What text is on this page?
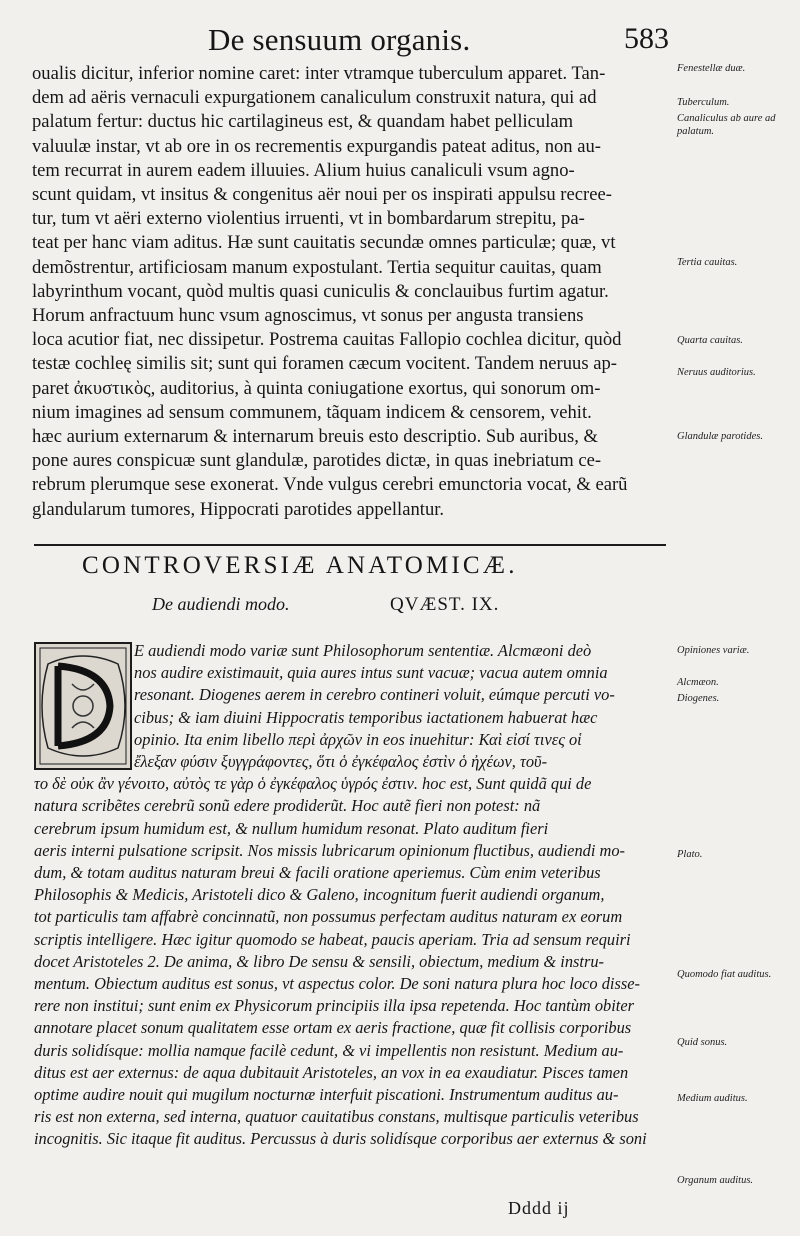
De sensuum organis.	583
oualis dicitur, inferior nomine caret: inter vtramque tuberculum apparet. Tan-
dem ad aëris vernaculi expurgationem canaliculum construxit natura, qui ad
palatum fertur: ductus hic cartilagineus est, & quandam habet pelliculam
valuulæ instar, vt ab ore in os recrementis expurgandis pateat aditus, non au-
tem recurrat in aurem eadem illuuies. Alium huius canaliculi vsum agno-
scunt quidam, vt insitus & congenitus aër noui per os inspirati appulsu recree-
tur, tum vt aëri externo violentius irruenti, vt in bombardarum strepitu, pa-
teat per hanc viam aditus. Hæ sunt cauitatis secundæ omnes particulæ; quæ, vt
demõstrentur, artificiosam manum expostulant. Tertia sequitur cauitas, quam
labyrinthum vocant, quòd multis quasi cuniculis & conclauibus furtim agatur.
Horum anfractuum hunc vsum agnoscimus, vt sonus per angusta transiens
loca acutior fiat, nec dissipetur. Postrema cauitas Fallopio cochlea dicitur, quòd
testæ cochleę similis sit; sunt qui foramen cæcum vocitent. Tandem neruus ap-
paret ἀκυστικὸς, auditorius, à quinta coniugatione exortus, qui sonorum om-
nium imagines ad sensum communem, tãquam indicem & censorem, vehit.
hæc aurium externarum & internarum breuis esto descriptio. Sub auribus, &
pone aures conspicuæ sunt glandulæ, parotides dictæ, in quas inebriatum ce-
rebrum plerumque sese exonerat. Vnde vulgus cerebri emunctoria vocat, & earũ
glandularum tumores, Hippocrati parotides appellantur.
Fenestellæ duæ.
Tuberculum.
Canaliculus ab aure ad palatum.
Tertia cauitas.
Quarta cauitas.
Neruus auditorius.
Glandulæ parotides.
CONTROVERSIÆ ANATOMICÆ.
De audiendi modo.	QVÆST. IX.
E audiendi modo variæ sunt Philosophorum sententiæ. Alcmæoni deò
nos audire existimauit, quia aures intus sunt vacuæ; vacua autem omnia
resonant. Diogenes aerem in cerebro contineri voluit, eúmque percuti vo-
cibus; & iam diuini Hippocratis temporibus iactationem habuerat hæc
opinio. Ita enim libello περὶ ἀρχῶν in eos inuehitur: Καὶ εἰσί τινες οἱ
ἔλεξαν φύσιν ξυγγράφοντες, ὅτι ὁ ἐγκέφαλος ἐστὶν ὁ ἠχέων, τοῦ-
το δὲ οὐκ ἂν γένοιτο, αὐτὸς τε γὰρ ὁ ἐγκέφαλος ὑγρός ἐστιν. hoc est, Sunt quidã qui de
natura scribẽtes cerebrũ sonũ edere prodiderũt. Hoc autẽ fieri non potest: nã
cerebrum ipsum humidum est, & nullum humidum resonat. Plato auditum fieri
aeris interni pulsatione scripsit. Nos missis lubricarum opinionum fluctibus, audiendi mo-
dum, & totam auditus naturam breui & facili oratione aperiemus. Cùm enim veteribus
Philosophis & Medicis, Aristoteli dico & Galeno, incognitum fuerit audiendi organum,
tot particulis tam affabrè concinnatũ, non possumus perfectam auditus naturam ex eorum
scriptis intelligere. Hæc igitur quomodo se habeat, paucis aperiam. Tria ad sensum requiri
docet Aristoteles 2. De anima, & libro De sensu & sensili, obiectum, medium & instru-
mentum. Obiectum auditus est sonus, vt aspectus color. De soni natura plura hoc loco disse-
rere non institui; sunt enim ex Physicorum principiis illa ipsa repetenda. Hoc tantùm obiter
annotare placet sonum qualitatem esse ortam ex aeris fractione, quæ fit collisis corporibus
duris solidísque: mollia namque facilè cedunt, & vi impellentis non resistunt. Medium au-
ditus est aer externus: de aqua dubitauit Aristoteles, an vox in ea exaudiatur. Pisces tamen
optime audire nouit qui mugilum nocturnæ interfuit piscationi. Instrumentum auditus au-
ris est non externa, sed interna, quatuor cauitatibus constans, multisque particulis veteribus
incognitis. Sic itaque fit auditus. Percussus à duris solidísque corporibus aer externus & soni
Opiniones variæ.
Alcmæon.
Diogenes.
Plato.
Quomodo fiat auditus.
Quid sonus.
Medium auditus.
Organum auditus.
Dddd ij
